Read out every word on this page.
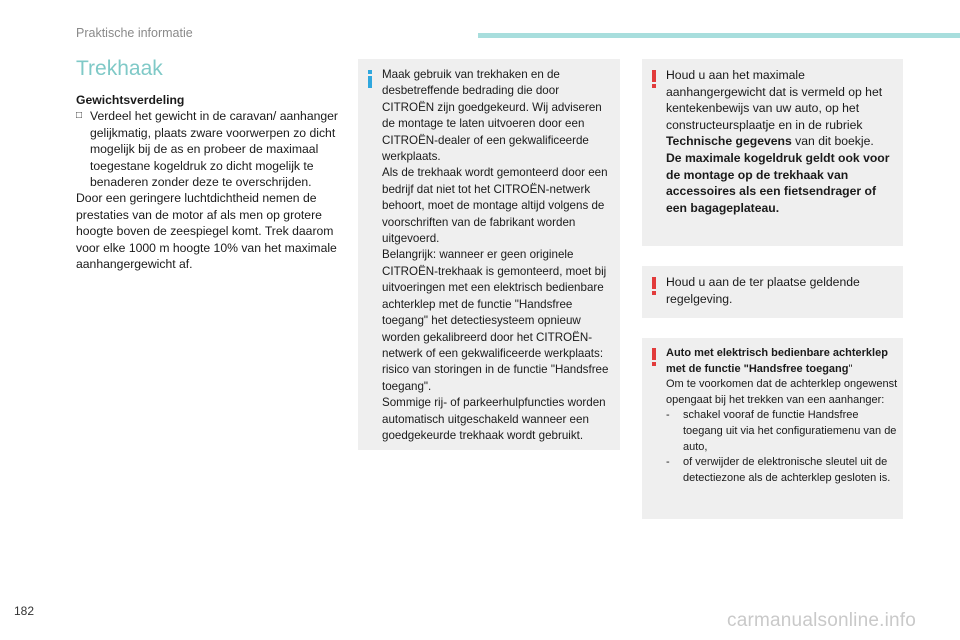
Praktische informatie
Trekhaak
Gewichtsverdeling
□ Verdeel het gewicht in de caravan/ aanhanger gelijkmatig, plaats zware voorwerpen zo dicht mogelijk bij de as en probeer de maximaal toegestane kogeldruk zo dicht mogelijk te benaderen zonder deze te overschrijden.
Door een geringere luchtdichtheid nemen de prestaties van de motor af als men op grotere hoogte boven de zeespiegel komt. Trek daarom voor elke 1000 m hoogte 10% van het maximale aanhangergewicht af.
Maak gebruik van trekhaken en de desbetreffende bedrading die door CITROËN zijn goedgekeurd. Wij adviseren de montage te laten uitvoeren door een CITROËN-dealer of een gekwalificeerde werkplaats.
Als de trekhaak wordt gemonteerd door een bedrijf dat niet tot het CITROËN-netwerk behoort, moet de montage altijd volgens de voorschriften van de fabrikant worden uitgevoerd.
Belangrijk: wanneer er geen originele CITROËN-trekhaak is gemonteerd, moet bij uitvoeringen met een elektrisch bedienbare achterklep met de functie "Handsfree toegang" het detectiesysteem opnieuw worden gekalibreerd door het CITROËN-netwerk of een gekwalificeerde werkplaats: risico van storingen in de functie "Handsfree toegang".
Sommige rij- of parkeerhulpfuncties worden automatisch uitgeschakeld wanneer een goedgekeurde trekhaak wordt gebruikt.
Houd u aan het maximale aanhangergewicht dat is vermeld op het kentekenbewijs van uw auto, op het constructeursplaatje en in de rubriek Technische gegevens van dit boekje.
De maximale kogeldruk geldt ook voor de montage op de trekhaak van accessoires als een fietsendrager of een bagageplateau.
Houd u aan de ter plaatse geldende regelgeving.
Auto met elektrisch bedienbare achterklep met de functie "Handsfree toegang"
Om te voorkomen dat de achterklep ongewenst opengaat bij het trekken van een aanhanger:
-	schakel vooraf de functie Handsfree toegang uit via het configuratiemenu van de auto,
-	of verwijder de elektronische sleutel uit de detectiezone als de achterklep gesloten is.
182	carmanualsonline.info
